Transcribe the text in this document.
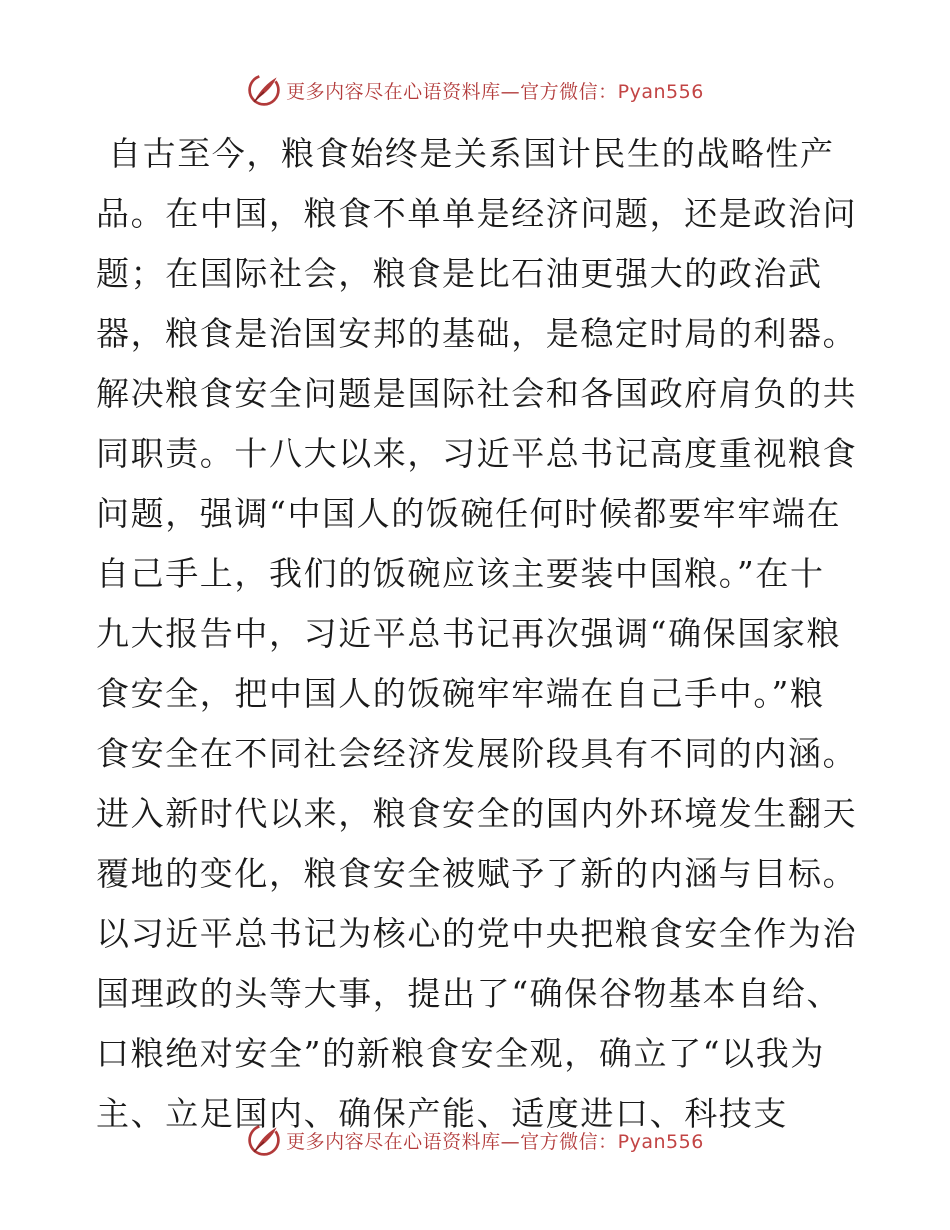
更多内容尽在心语资料库—官方微信：Pyan556
自古至今，粮食始终是关系国计民生的战略性产
品。在中国，粮食不单单是经济问题，还是政治问
题；在国际社会，粮食是比石油更强大的政治武
器，粮食是治国安邦的基础，是稳定时局的利器。
解决粮食安全问题是国际社会和各国政府肩负的共
同职责。十八大以来，习近平总书记高度重视粮食
问题，强调“中国人的饭碗任何时候都要牢牢端在
自己手上，我们的饭碗应该主要装中国粮。”在十
九大报告中，习近平总书记再次强调“确保国家粮
食安全，把中国人的饭碗牢牢端在自己手中。”粮
食安全在不同社会经济发展阶段具有不同的内涵。
进入新时代以来，粮食安全的国内外环境发生翻天
覆地的变化，粮食安全被赋予了新的内涵与目标。
以习近平总书记为核心的党中央把粮食安全作为治
国理政的头等大事，提出了“确保谷物基本自给、
口粮绝对安全”的新粮食安全观，确立了“以我为
主、立足国内、确保产能、适度进口、科技支
更多内容尽在心语资料库—官方微信：Pyan556
